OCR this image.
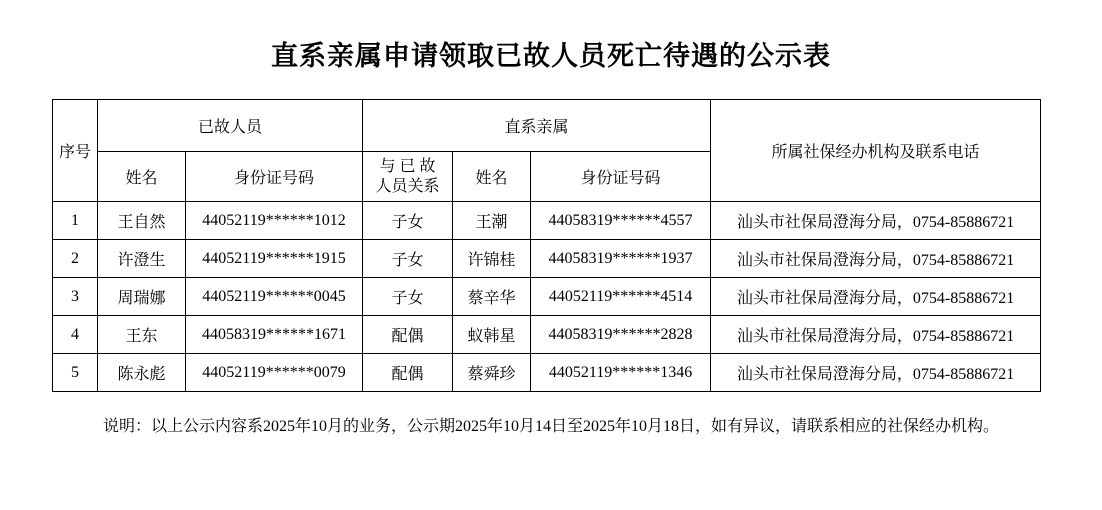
直系亲属申请领取已故人员死亡待遇的公示表
序号	已故人员		直系亲属			所属社保经办机构及联系电话
	姓名	身份证号码	与 已 故
人员关系	姓名	身份证号码	
1	王自然	44052119******1012	子女	王潮	44058319******4557	汕头市社保局澄海分局，0754-85886721
2	许澄生	44052119******1915	子女	许锦桂	44058319******1937	汕头市社保局澄海分局，0754-85886721
3	周瑞娜	44052119******0045	子女	蔡辛华	44052119******4514	汕头市社保局澄海分局，0754-85886721
4	王东	44058319******1671	配偶	蚁韩星	44058319******2828	汕头市社保局澄海分局，0754-85886721
5	陈永彪	44052119******0079	配偶	蔡舜珍	44052119******1346	汕头市社保局澄海分局，0754-85886721

说明：以上公示内容系2025年10月的业务，公示期2025年10月14日至2025年10月18日，如有异议，请联系相应的社保经办机构。
